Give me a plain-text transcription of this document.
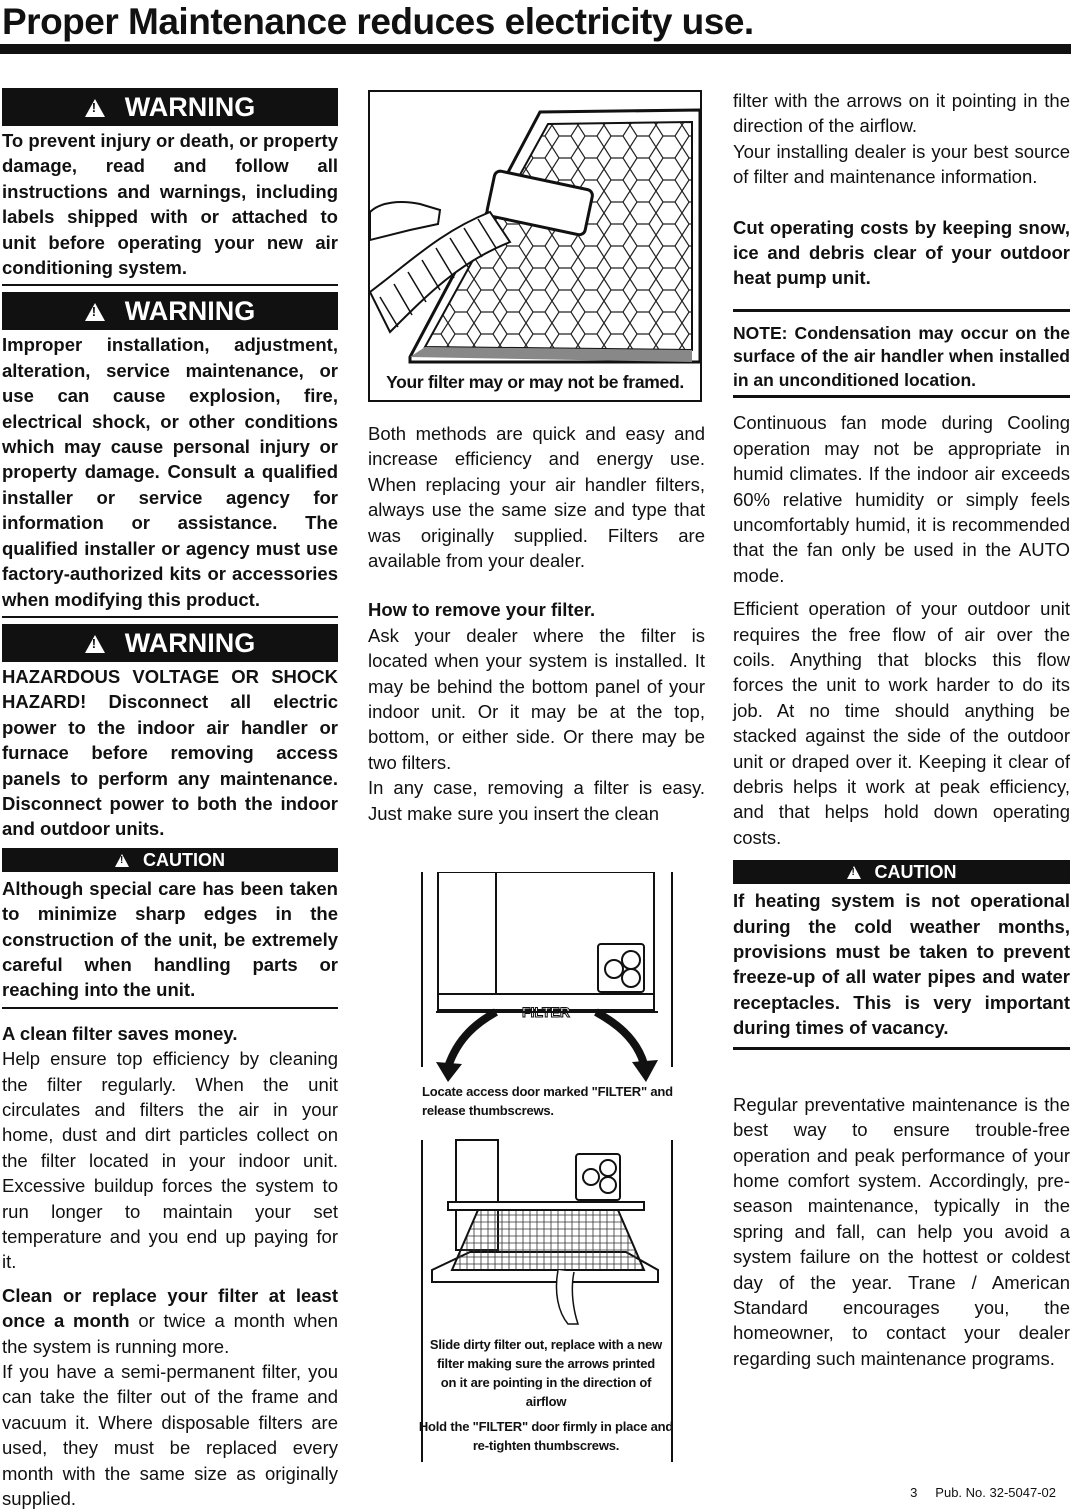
Proper Maintenance reduces electricity use.
!WARNING
To prevent injury or death, or property damage, read and follow all instructions and warnings, including labels shipped with or attached to unit before operating your new air conditioning system.
!WARNING
Improper installation, adjustment, alteration, service maintenance, or use can cause explosion, fire, electrical shock, or other conditions which may cause personal injury or property damage. Consult a qualified installer or service agency for information or assistance. The qualified installer or agency must use factory-authorized kits or accessories when modifying this product.
!WARNING
HAZARDOUS VOLTAGE OR SHOCK HAZARD! Disconnect all electric power to the indoor air handler or furnace before removing access panels to perform any maintenance. Disconnect power to both the indoor and outdoor units.
!CAUTION
Although special care has been taken to minimize sharp edges in the construction of the unit, be extremely careful when handling parts or reaching into the unit.
A clean filter saves money.
Help ensure top efficiency by cleaning the filter regularly. When the unit circulates and filters the air in your home, dust and dirt particles collect on the filter located in your indoor unit. Excessive buildup forces the system to run longer to maintain your set temperature and you end up paying for it.
Clean or replace your filter at least once a month or twice a month when the system is running more.
If you have a semi-permanent filter, you can take the filter out of the frame and vacuum it. Where disposable filters are used, they must be replaced every month with the same size as originally supplied.
Your filter may or may not be framed.
Both methods are quick and easy and increase efficiency and energy use. When replacing your air handler filters, always use the same size and type that was originally supplied. Filters are available from your dealer.
How to remove your filter.
Ask your dealer where the filter is located when your system is installed. It may be behind the bottom panel of your indoor unit. Or it may be at the top, bottom, or either side. Or there may be two filters.
In any case, removing a filter is easy. Just make sure you insert the clean
FILTER
Locate access door marked "FILTER" and release thumbscrews.
Slide dirty filter out, replace with a new filter making sure the arrows printed on it are pointing in the direction of airflow
Hold the "FILTER" door firmly in place and re-tighten thumbscrews.
filter with the arrows on it pointing in the direction of the airflow.
Your installing dealer is your best source of filter and maintenance information.
Cut operating costs by keeping snow, ice and debris clear of your outdoor heat pump unit.
NOTE: Condensation may occur on the surface of the air handler when installed in an unconditioned location.
Continuous fan mode during Cooling operation may not be appropriate in humid climates. If the indoor air exceeds 60% relative humidity or simply feels uncomfortably humid, it is recommended that the fan only be used in the AUTO mode.
Efficient operation of your outdoor unit requires the free flow of air over the coils. Anything that blocks this flow forces the unit to work harder to do its job. At no time should anything be stacked against the side of the outdoor unit or draped over it. Keeping it clear of debris helps it work at peak efficiency, and that helps hold down operating costs.
!CAUTION
If heating system is not operational during the cold weather months, provisions must be taken to prevent freeze-up of all water pipes and water receptacles. This is very important during times of vacancy.
Regular preventative maintenance is the best way to ensure trouble-free operation and peak performance of your home comfort system. Accordingly, pre-season maintenance, typically in the spring and fall, can help you avoid a system failure on the hottest or coldest day of the year. Trane / American Standard encourages you, the homeowner, to contact your dealer regarding such maintenance programs.
3 Pub. No. 32-5047-02
